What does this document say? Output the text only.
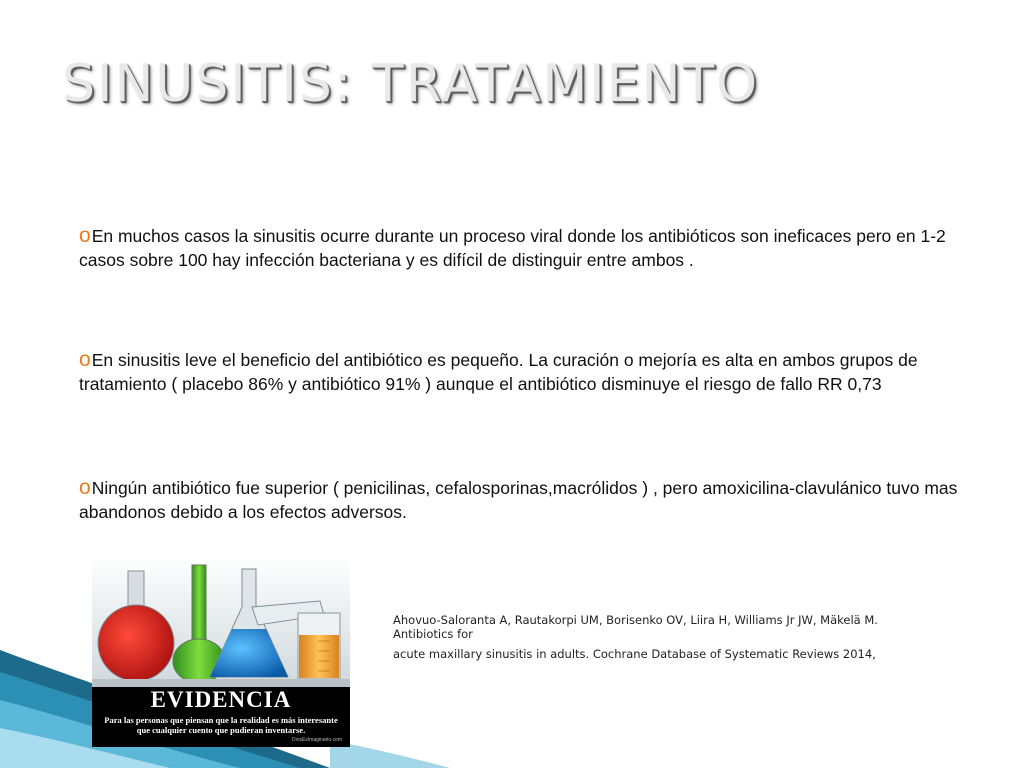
SINUSITIS: TRATAMIENTO

oEn muchos casos la sinusitis ocurre durante un proceso viral donde los antibióticos son ineficaces pero en 1-2 casos sobre 100 hay infección bacteriana y es difícil de distinguir entre ambos .

oEn sinusitis leve el beneficio del antibiótico es pequeño. La curación o mejoría es alta en ambos grupos de tratamiento ( placebo 86% y antibiótico 91% ) aunque el antibiótico disminuye el riesgo de fallo RR 0,73

oNingún antibiótico fue superior ( penicilinas, cefalosporinas,macrólidos ) , pero amoxicilina-clavulánico tuvo mas abandonos debido a los efectos adversos.

EVIDENCIA
Para las personas que piensan que la realidad es más interesante que cualquier cuento que pudieran inventarse.
DiosEsImaginario.com

Ahovuo-Saloranta A, Rautakorpi UM, Borisenko OV, Liira H, Williams Jr JW, Mäkelä M. Antibiotics for

acute maxillary sinusitis in adults. Cochrane Database of Systematic Reviews 2014,
